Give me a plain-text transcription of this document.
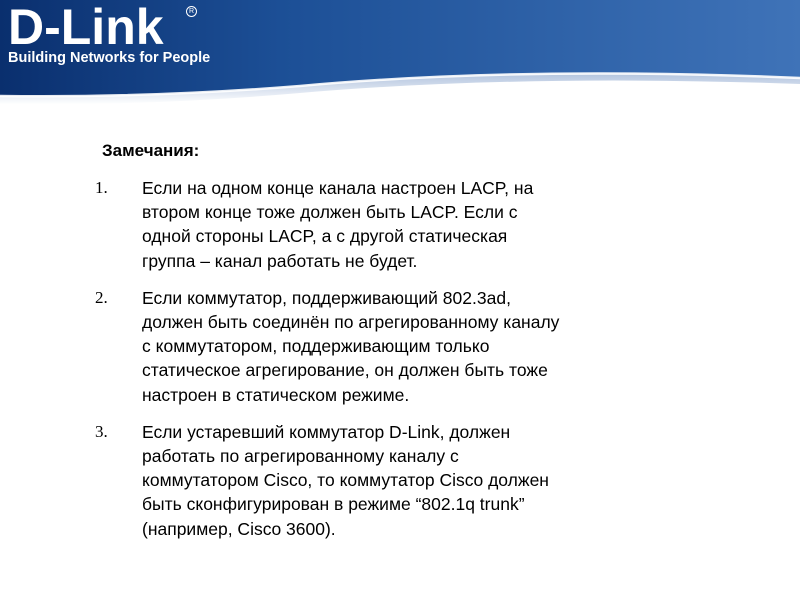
D-Link	R
Building Networks for People
Замечания:
1. Если на одном конце канала настроен LACP, на
втором конце тоже должен быть LACP. Если с
одной стороны LACP, а с другой статическая
группа – канал работать не будет.
2. Если коммутатор, поддерживающий 802.3ad,
должен быть соединён по агрегированному каналу
с коммутатором, поддерживающим только
статическое агрегирование, он должен быть тоже
настроен в статическом режиме.
3. Если устаревший коммутатор D-Link, должен
работать по агрегированному каналу с
коммутатором Cisco, то коммутатор Cisco должен
быть сконфигурирован в режиме “802.1q trunk”
(например, Cisco 3600).
